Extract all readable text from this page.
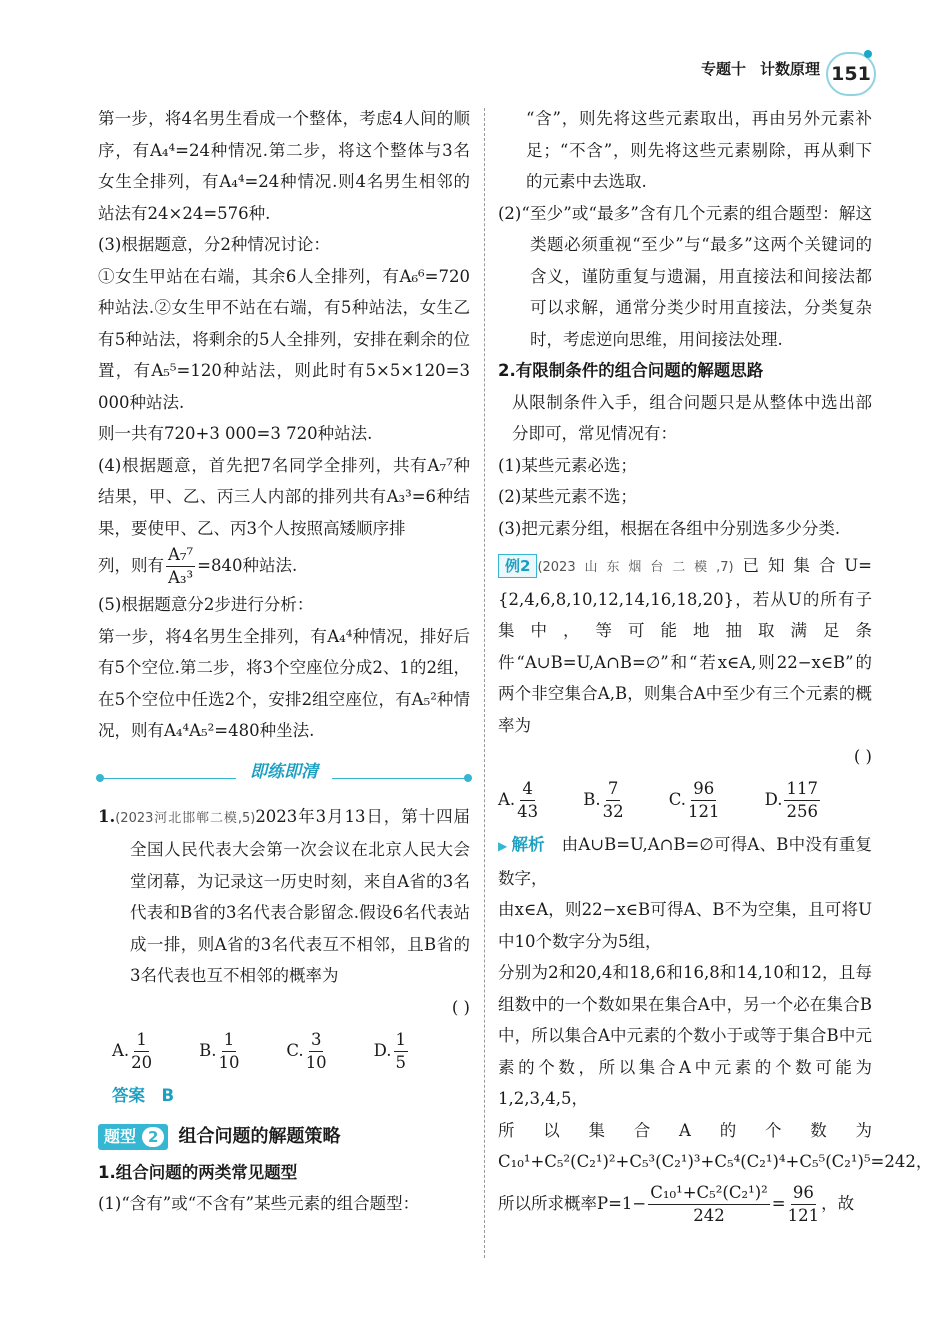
专题十 计数原理 151

第一步，将4名男生看成一个整体，考虑4人间的顺序，有A₄⁴=24种情况.第二步，将这个整体与3名女生全排列，有A₄⁴=24种情况.则4名男生相邻的站法有24×24=576种.

(3)根据题意，分2种情况讨论：

①女生甲站在右端，其余6人全排列，有A₆⁶=720种站法.②女生甲不站在右端，有5种站法，女生乙有5种站法，将剩余的5人全排列，安排在剩余的位置，有A₅⁵=120种站法，则此时有5×5×120=3 000种站法.

则一共有720+3 000=3 720种站法.

(4)根据题意，首先把7名同学全排列，共有A₇⁷种结果，甲、乙、丙三人内部的排列共有A₃³=6种结果，要使甲、乙、丙3个人按照高矮顺序排

列，则有 $\frac{\text{A₇⁷}}{\text{A₃³}} =840$种站法.

(5)根据题意分2步进行分析：

第一步，将4名男生全排列，有A₄⁴种情况，排好后有5个空位.第二步，将3个空座位分成2、1的2组，在5个空位中任选2个，安排2组空座位，有A₅²种情况，则有A₄⁴A₅²=480种坐法.

即练即清

1.(2023河北邯郸二模,5)2023年3月13日，第十四届全国人民代表大会第一次会议在北京人民大会堂闭幕，为记录这一历史时刻，来自A省的3名代表和B省的3名代表合影留念.假设6名代表站成一排，则A省的3名代表互不相邻，且B省的3名代表也互不相邻的概率为

( )

A. $\frac{1}{20}$	B. $\frac{1}{10}$	C. $\frac{3}{10}$	D. $\frac{1}{5}$
答案　B
题型 2	组合问题的解题策略

1.组合问题的两类常见题型

(1)“含有”或“不含有”某些元素的组合题型：

“含”，则先将这些元素取出，再由另外元素补足；“不含”，则先将这些元素剔除，再从剩下的元素中去选取.

(2)“至少”或“最多”含有几个元素的组合题型：解这类题必须重视“至少”与“最多”这两个关键词的含义，谨防重复与遗漏，用直接法和间接法都可以求解，通常分类少时用直接法，分类复杂时，考虑逆向思维，用间接法处理.

2.有限制条件的组合问题的解题思路

从限制条件入手，组合问题只是从整体中选出部分即可，常见情况有：

(1)某些元素必选；

(2)某些元素不选；

(3)把元素分组，根据在各组中分别选多少分类.

例2 (2023山东烟台二模,7)已知集合U={2,4,6,8,10,12,14,16,18,20}，若从U的所有子集中，等可能地抽取满足条件“A∪B=U,A∩B=∅”和“若x∈A,则22−x∈B”的两个非空集合A,B，则集合A中至少有三个元素的概率为

( )

A. $\frac{4}{43}$	B. $\frac{7}{32}$	C. $\frac{96}{121}$	D. $\frac{117}{256}$

▶ 解析　 由A∪B=U,A∩B=∅可得A、B中没有重复数字，

由x∈A，则22−x∈B可得A、B不为空集，且可将U中10个数字分为5组，

分别为2和20,4和18,6和16,8和14,10和12，且每组数中的一个数如果在集合A中，另一个必在集合B中，所以集合A中元素的个数小于或等于集合B中元素的个数，所以集合A中元素的个数可能为1,2,3,4,5，

所以集合A的个数为C₁₀¹+C₅²(C₂¹)²+C₅³(C₂¹)³+C₅⁴(C₂¹)⁴+C₅⁵(C₂¹)⁵=242，

所以所求概率$P=1- \frac{\text{C₁₀¹+C₅²(C₂¹)²}}{242} = \frac{96}{121}$ ，故
